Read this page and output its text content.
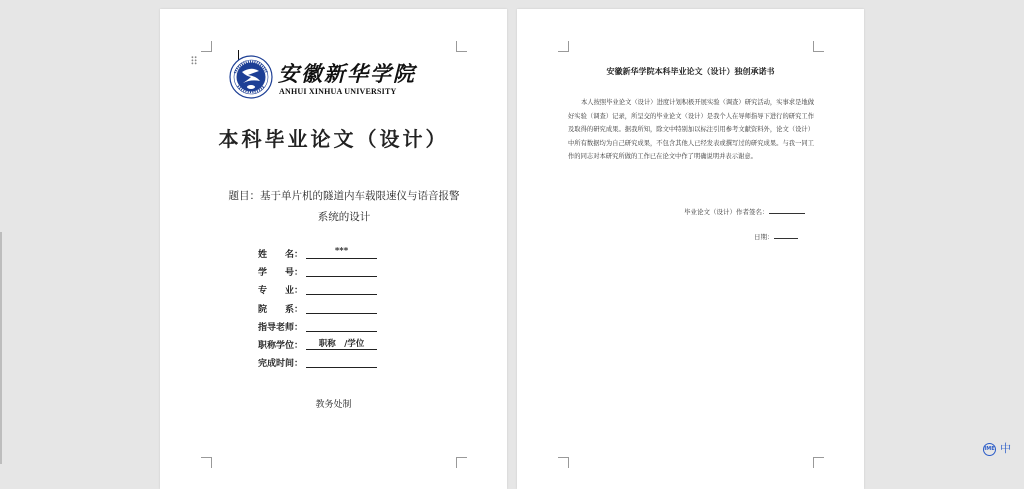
⠿	安徽新华学院
ANHUI XINHUA UNIVERSITY
本科毕业论文（设计）
题目：基于单片机的隧道内车载限速仪与语音报警系统的设计
姓　　名：	***
学　　号：
专　　业：
院　　系：
指导老师：
职称学位：	职称　/学位
完成时间：
教务处制
安徽新华学院本科毕业论文（设计）独创承诺书
本人按照毕业论文（设计）进度计划积极开展实验（调查）研究活动，实事求是地做好实验（调查）记录，所呈交的毕业论文（设计）是我个人在导师指导下进行的研究工作及取得的研究成果。据我所知，除文中特别加以标注引用参考文献资料外，论文（设计）中所有数据均为自己研究成果，不包含其他人已经发表或撰写过的研究成果。与我一同工作的同志对本研究所做的工作已在论文中作了明确说明并表示谢意。
毕业论文（设计）作者签名：
日期：
IME 中
